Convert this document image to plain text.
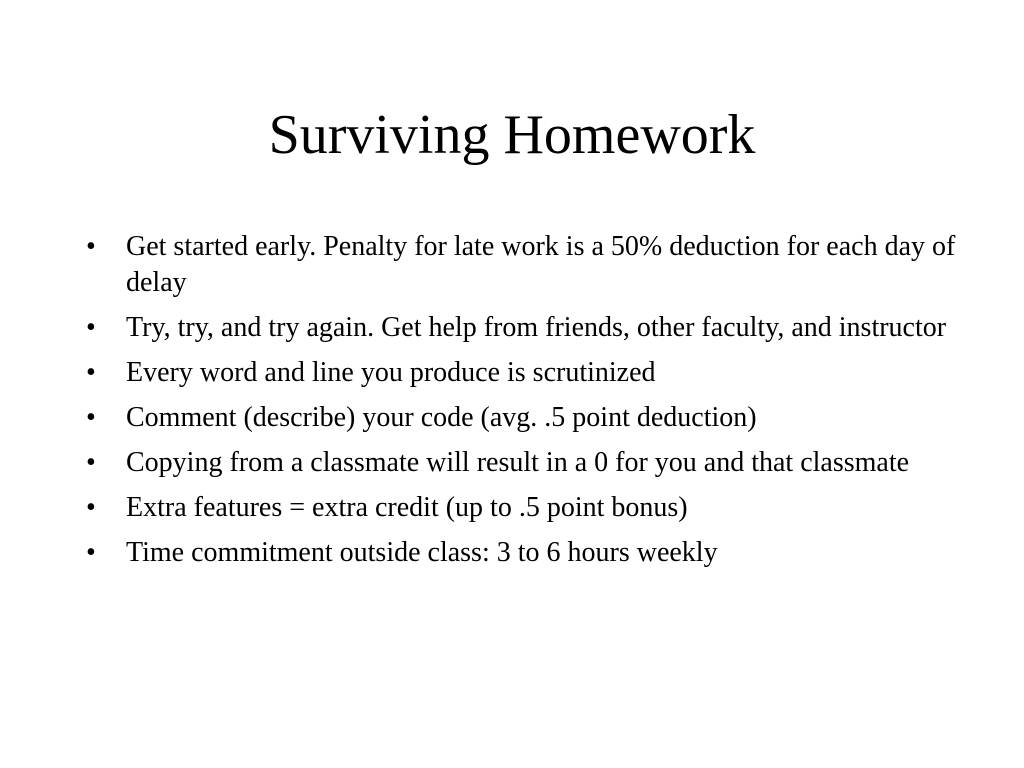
Surviving Homework
•	Get started early. Penalty for late work is a 50% deduction for each day of delay
•	Try, try, and try again. Get help from friends, other faculty, and instructor
•	Every word and line you produce is scrutinized
•	Comment (describe) your code (avg. .5 point deduction)
•	Copying from a classmate will result in a 0 for you and that classmate
•	Extra features = extra credit (up to .5 point bonus)
•	Time commitment outside class: 3 to 6 hours weekly
